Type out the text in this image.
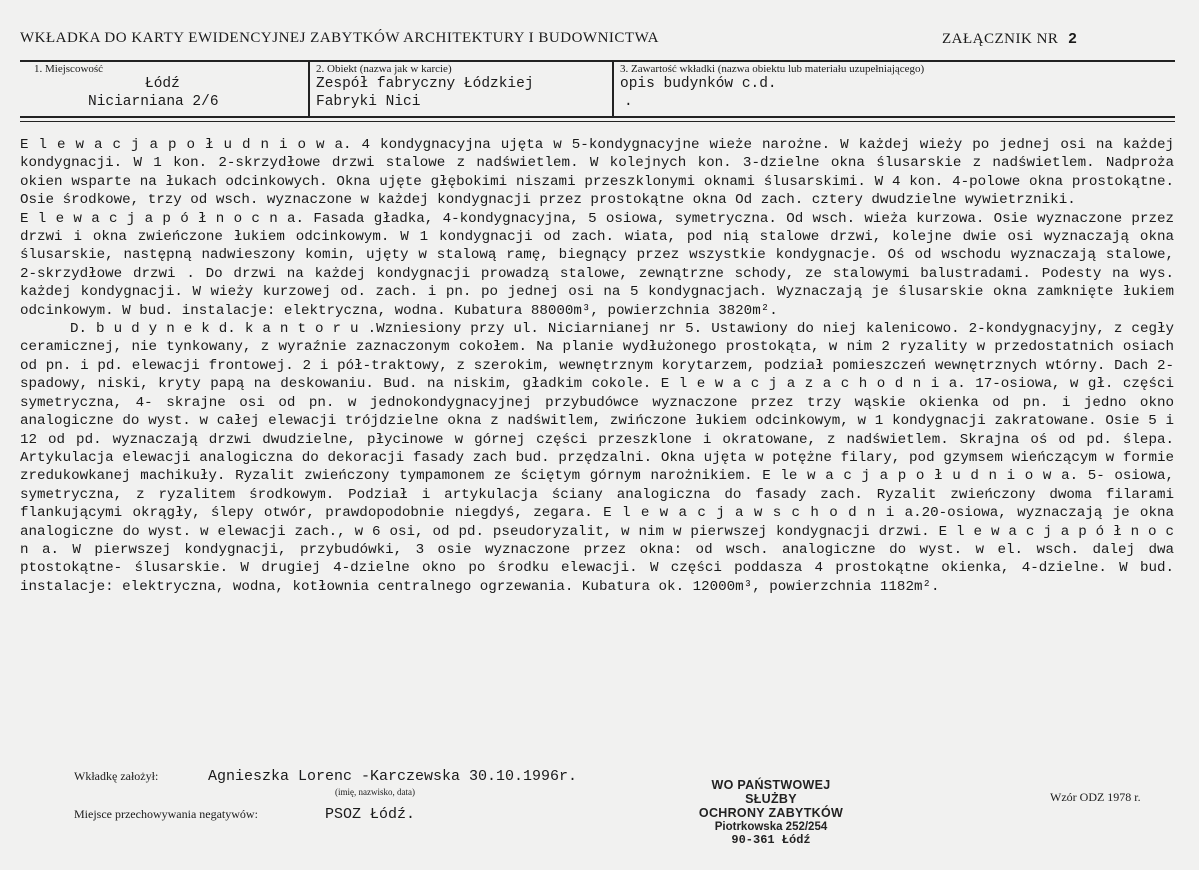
WKŁADKA DO KARTY EWIDENCYJNEJ ZABYTKÓW ARCHITEKTURY I BUDOWNICTWA	ZAŁĄCZNIK NR 2
1. Miejscowość
Łódź
Niciarniana 2/6
2. Obiekt (nazwa jak w karcie)
Zespół fabryczny Łódzkiej
Fabryki Nici
3. Zawartość wkładki (nazwa obiektu lub materiału uzupełniającego)
opis budynków c.d.
.

E l e w a c j a p o ł u d n i o w a. 4 kondygnacyjna ujęta w 5-kondygnacyjne wieże narożne. W każdej wieży po jednej osi na każdej kondygnacji. W 1 kon. 2-skrzydłowe drzwi stalowe z nadświetlem. W kolejnych kon. 3-dzielne okna ślusarskie z nadświetlem. Nadproża okien wsparte na łukach odcinkowych. Okna ujęte głębokimi niszami przeszklonymi oknami ślusarskimi. W 4 kon. 4-polowe okna prostokątne. Osie środkowe, trzy od wsch. wyznaczone w każdej kondygnacji przez prostokątne okna Od zach. cztery dwudzielne wywietrzniki.

E l e w a c j a p ó ł n o c n a. Fasada gładka, 4-kondygnacyjna, 5 osiowa, symetryczna. Od wsch. wieża kurzowa. Osie wyznaczone przez drzwi i okna zwieńczone łukiem odcinkowym. W 1 kondygnacji od zach. wiata, pod nią stalowe drzwi, kolejne dwie osi wyznaczają okna ślusarskie, następną nadwieszony komin, ujęty w stalową ramę, biegnący przez wszystkie kondygnacje. Oś od wschodu wyznaczają stalowe, 2-skrzydłowe drzwi . Do drzwi na każdej kondygnacji prowadzą stalowe, zewnątrzne schody, ze stalowymi balustradami. Podesty na wys. każdej kondygnacji. W wieży kurzowej od. zach. i pn. po jednej osi na 5 kondygnacjach. Wyznaczają je ślusarskie okna zamknięte łukiem odcinkowym. W bud. instalacje: elektryczna, wodna. Kubatura 88000m³, powierzchnia 3820m².

D. b u d y n e k d. k a n t o r u .Wzniesiony przy ul. Niciarnianej nr 5. Ustawiony do niej kalenicowo. 2-kondygnacyjny, z cegły ceramicznej, nie tynkowany, z wyraźnie zaznaczonym cokołem. Na planie wydłużonego prostokąta, w nim 2 ryzality w przedostatnich osiach od pn. i pd. elewacji frontowej. 2 i pół-traktowy, z szerokim, wewnętrznym korytarzem, podział pomieszczeń wewnętrznych wtórny. Dach 2-spadowy, niski, kryty papą na deskowaniu. Bud. na niskim, gładkim cokole. E l e w a c j a z a c h o d n i a. 17-osiowa, w gł. części symetryczna, 4- skrajne osi od pn. w jednokondygnacyjnej przybudówce wyznaczone przez trzy wąskie okienka od pn. i jedno okno analogiczne do wyst. w całej elewacji trójdzielne okna z nadświtlem, zwińczone łukiem odcinkowym, w 1 kondygnacji zakratowane. Osie 5 i 12 od pd. wyznaczają drzwi dwudzielne, płycinowe w górnej części przeszklone i okratowane, z nadświetlem. Skrajna oś od pd. ślepa. Artykulacja elewacji analogiczna do dekoracji fasady zach bud. przędzalni. Okna ujęta w potężne filary, pod gzymsem wieńczącym w formie zredukowkanej machikuły. Ryzalit zwieńczony tympamonem ze ściętym górnym narożnikiem. E le w a c j a p o ł u d n i o w a. 5- osiowa, symetryczna, z ryzalitem środkowym. Podział i artykulacja ściany analogiczna do fasady zach. Ryzalit zwieńczony dwoma filarami flankującymi okrągły, ślepy otwór, prawdopodobnie niegdyś, zegara. E l e w a c j a w s c h o d n i a.20-osiowa, wyznaczają je okna analogiczne do wyst. w elewacji zach., w 6 osi, od pd. pseudoryzalit, w nim w pierwszej kondygnacji drzwi. E l e w a c j a p ó ł n o c n a. W pierwszej kondygnacji, przybudówki, 3 osie wyznaczone przez okna: od wsch. analogiczne do wyst. w el. wsch. dalej dwa ptostokątne- ślusarskie. W drugiej 4-dzielne okno po środku elewacji. W części poddasza 4 prostokątne okienka, 4-dzielne. W bud. instalacje: elektryczna, wodna, kotłownia centralnego ogrzewania. Kubatura ok. 12000m³, powierzchnia 1182m².

Wkładkę założył:	Agnieszka Lorenc -Karczewska 30.10.1996r.
(imię, nazwisko, data)
Miejsce przechowywania negatywów:	PSOZ Łódź.
WO PAŃSTWOWEJ SŁUŻBY
OCHRONY ZABYTKÓW
Piotrkowska 252/254
90-361 Łódź
Wzór ODZ 1978 r.
